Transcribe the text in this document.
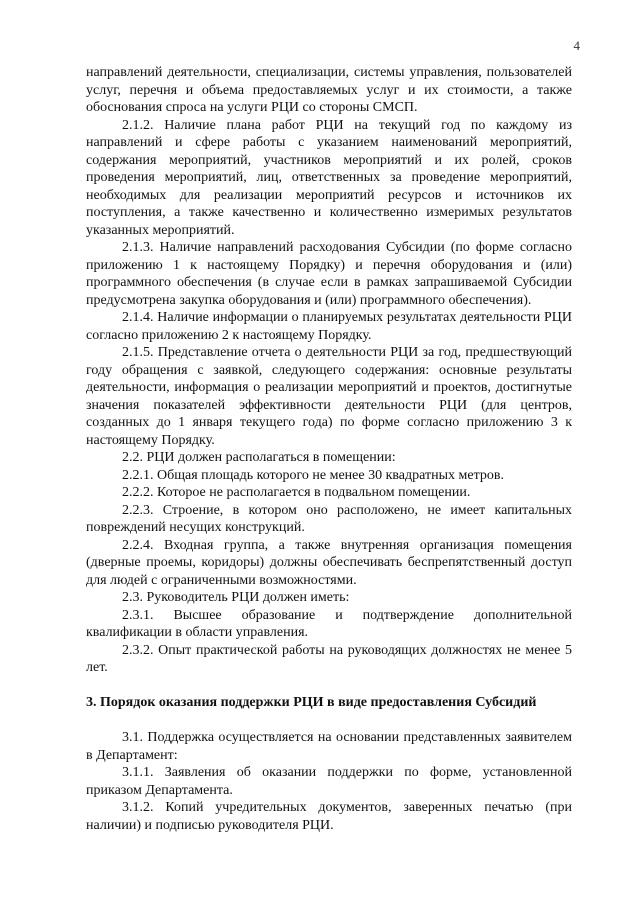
4

направлений деятельности, специализации, системы управления, пользователей услуг, перечня и объема предоставляемых услуг и их стоимости, а также обоснования спроса на услуги РЦИ со стороны СМСП.

2.1.2. Наличие плана работ РЦИ на текущий год по каждому из направлений и сфере работы с указанием наименований мероприятий, содержания мероприятий, участников мероприятий и их ролей, сроков проведения мероприятий, лиц, ответственных за проведение мероприятий, необходимых для реализации мероприятий ресурсов и источников их поступления, а также качественно и количественно измеримых результатов указанных мероприятий.

2.1.3. Наличие направлений расходования Субсидии (по форме согласно приложению 1 к настоящему Порядку) и перечня оборудования и (или) программного обеспечения (в случае если в рамках запрашиваемой Субсидии предусмотрена закупка оборудования и (или) программного обеспечения).

2.1.4. Наличие информации о планируемых результатах деятельности РЦИ согласно приложению 2 к настоящему Порядку.

2.1.5. Представление отчета о деятельности РЦИ за год, предшествующий году обращения с заявкой, следующего содержания: основные результаты деятельности, информация о реализации мероприятий и проектов, достигнутые значения показателей эффективности деятельности РЦИ (для центров, созданных до 1 января текущего года) по форме согласно приложению 3 к настоящему Порядку.

2.2. РЦИ должен располагаться в помещении:

2.2.1. Общая площадь которого не менее 30 квадратных метров.

2.2.2. Которое не располагается в подвальном помещении.

2.2.3. Строение, в котором оно расположено, не имеет капитальных повреждений несущих конструкций.

2.2.4. Входная группа, а также внутренняя организация помещения (дверные проемы, коридоры) должны обеспечивать беспрепятственный доступ для людей с ограниченными возможностями.

2.3. Руководитель РЦИ должен иметь:

2.3.1. Высшее образование и подтверждение дополнительной квалификации в области управления.

2.3.2. Опыт практической работы на руководящих должностях не менее 5 лет.

3. Порядок оказания поддержки РЦИ в виде предоставления Субсидий

3.1. Поддержка осуществляется на основании представленных заявителем в Департамент:

3.1.1. Заявления об оказании поддержки по форме, установленной приказом Департамента.

3.1.2. Копий учредительных документов, заверенных печатью (при наличии) и подписью руководителя РЦИ.
